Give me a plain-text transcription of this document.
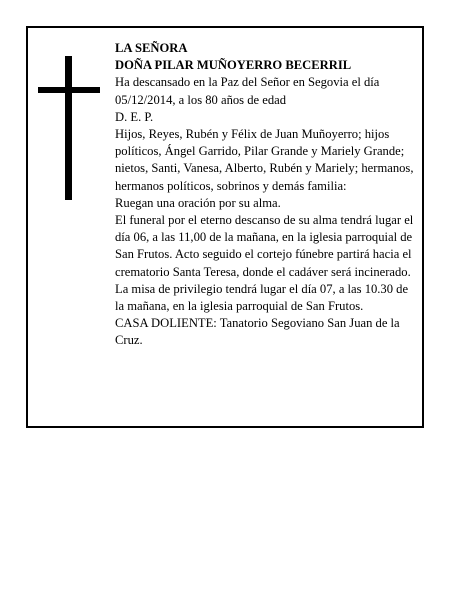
LA SEÑORA
DOÑA PILAR MUÑOYERRO BECERRIL
Ha descansado en la Paz del Señor en Segovia el día 05/12/2014, a los 80 años de edad
D. E. P.
Hijos, Reyes, Rubén y Félix de Juan Muñoyerro; hijos políticos, Ángel Garrido, Pilar Grande y Mariely Grande; nietos, Santi, Vanesa, Alberto, Rubén y Mariely; hermanos, hermanos políticos, sobrinos y demás familia:
Ruegan una oración por su alma.
El funeral por el eterno descanso de su alma tendrá lugar el día 06, a las 11,00 de la mañana, en la iglesia parroquial de San Frutos. Acto seguido el cortejo fúnebre partirá hacia el crematorio Santa Teresa, donde el cadáver será incinerado. La misa de privilegio tendrá lugar el día 07, a las 10.30 de la mañana, en la iglesia parroquial de San Frutos.
CASA DOLIENTE: Tanatorio Segoviano San Juan de la Cruz.
